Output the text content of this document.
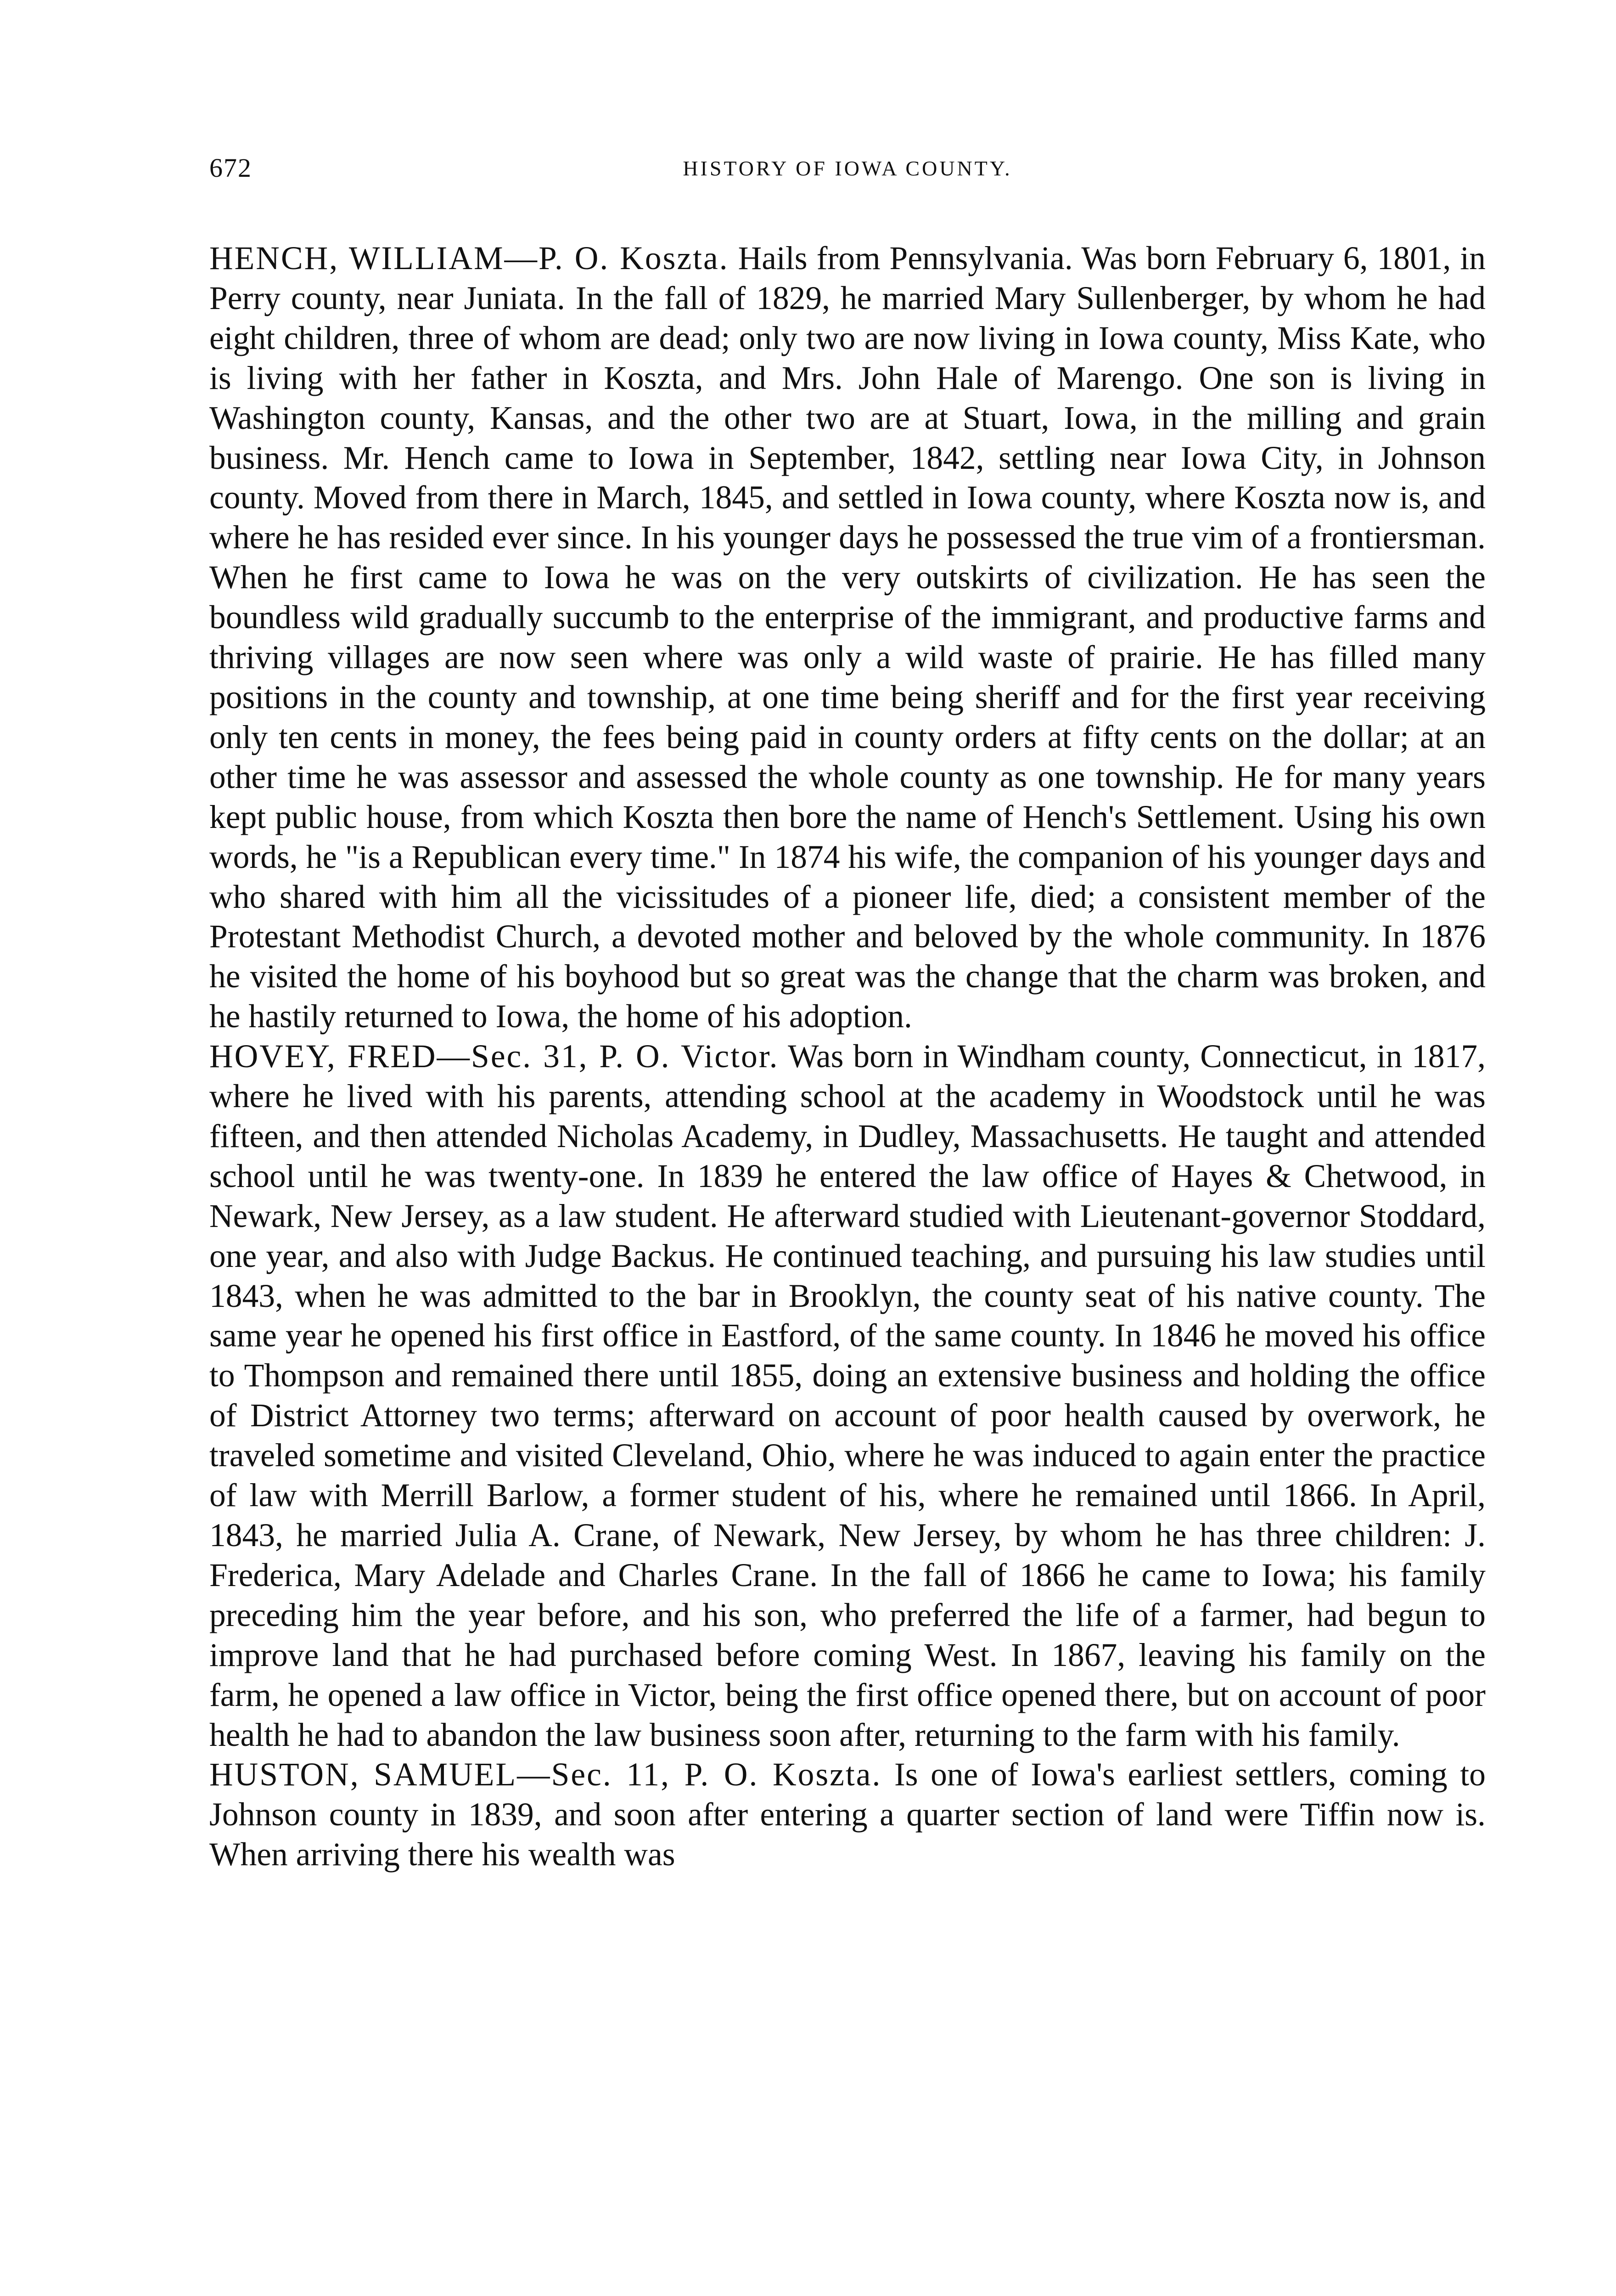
672	HISTORY OF IOWA COUNTY.

HENCH, WILLIAM—P. O. Koszta. Hails from Pennsylvania. Was born February 6, 1801, in Perry county, near Juniata. In the fall of 1829, he married Mary Sullenberger, by whom he had eight children, three of whom are dead; only two are now living in Iowa county, Miss Kate, who is living with her father in Koszta, and Mrs. John Hale of Marengo. One son is living in Washington county, Kansas, and the other two are at Stuart, Iowa, in the milling and grain business. Mr. Hench came to Iowa in September, 1842, settling near Iowa City, in Johnson county. Moved from there in March, 1845, and settled in Iowa county, where Koszta now is, and where he has resided ever since. In his younger days he possessed the true vim of a frontiersman. When he first came to Iowa he was on the very outskirts of civilization. He has seen the boundless wild gradually succumb to the enterprise of the immigrant, and productive farms and thriving villages are now seen where was only a wild waste of prairie. He has filled many positions in the county and township, at one time being sheriff and for the first year receiving only ten cents in money, the fees being paid in county orders at fifty cents on the dollar; at an other time he was assessor and assessed the whole county as one township. He for many years kept public house, from which Koszta then bore the name of Hench's Settlement. Using his own words, he "is a Republican every time." In 1874 his wife, the companion of his younger days and who shared with him all the vicissitudes of a pioneer life, died; a consistent member of the Protestant Methodist Church, a devoted mother and beloved by the whole community. In 1876 he visited the home of his boyhood but so great was the change that the charm was broken, and he hastily returned to Iowa, the home of his adoption.

HOVEY, FRED—Sec. 31, P. O. Victor. Was born in Windham county, Connecticut, in 1817, where he lived with his parents, attending school at the academy in Woodstock until he was fifteen, and then attended Nicholas Academy, in Dudley, Massachusetts. He taught and attended school until he was twenty-one. In 1839 he entered the law office of Hayes & Chetwood, in Newark, New Jersey, as a law student. He afterward studied with Lieutenant-governor Stoddard, one year, and also with Judge Backus. He continued teaching, and pursuing his law studies until 1843, when he was admitted to the bar in Brooklyn, the county seat of his native county. The same year he opened his first office in Eastford, of the same county. In 1846 he moved his office to Thompson and remained there until 1855, doing an extensive business and holding the office of District Attorney two terms; afterward on account of poor health caused by overwork, he traveled sometime and visited Cleveland, Ohio, where he was induced to again enter the practice of law with Merrill Barlow, a former student of his, where he remained until 1866. In April, 1843, he married Julia A. Crane, of Newark, New Jersey, by whom he has three children: J. Frederica, Mary Adelade and Charles Crane. In the fall of 1866 he came to Iowa; his family preceding him the year before, and his son, who preferred the life of a farmer, had begun to improve land that he had purchased before coming West. In 1867, leaving his family on the farm, he opened a law office in Victor, being the first office opened there, but on account of poor health he had to abandon the law business soon after, returning to the farm with his family.

HUSTON, SAMUEL—Sec. 11, P. O. Koszta. Is one of Iowa's earliest settlers, coming to Johnson county in 1839, and soon after entering a quarter section of land were Tiffin now is. When arriving there his wealth was
